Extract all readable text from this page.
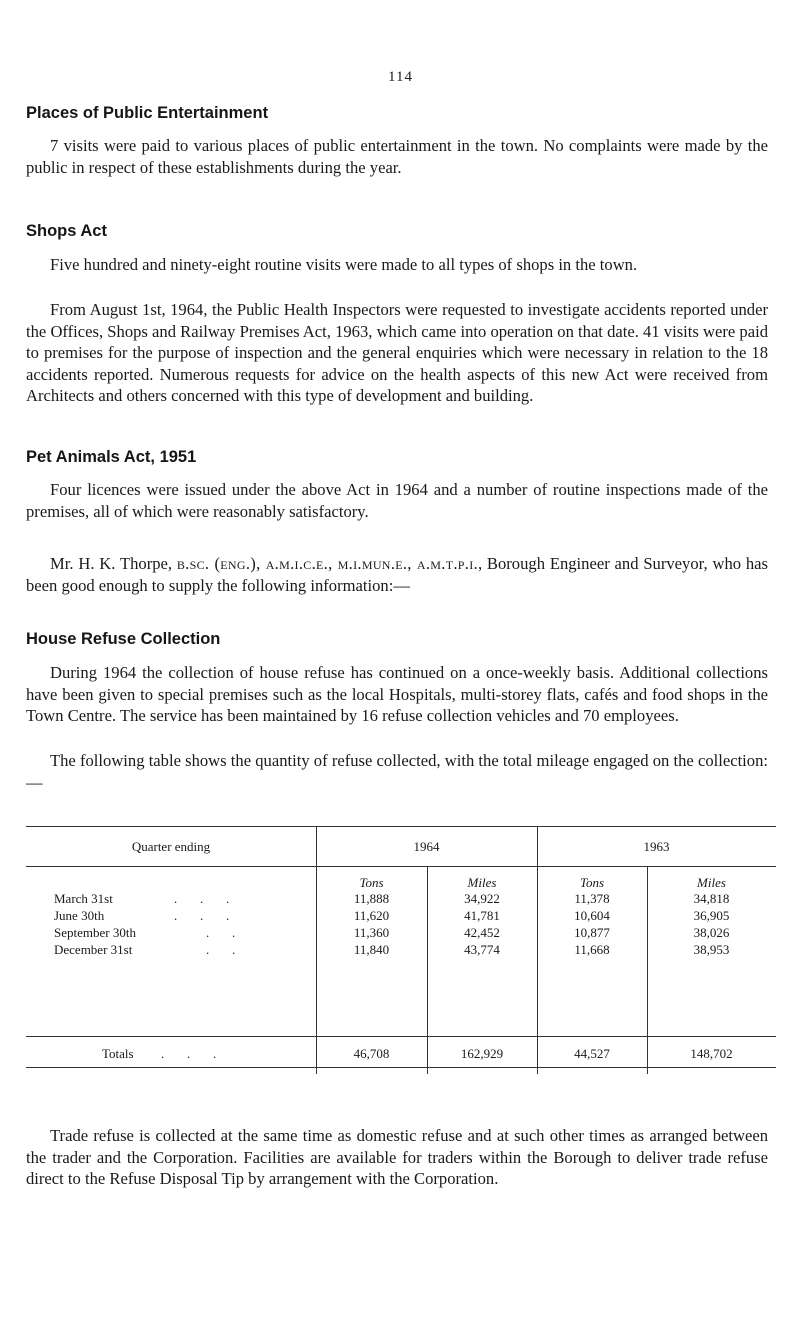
114
Places of Public Entertainment

7 visits were paid to various places of public entertainment in the town. No complaints were made by the public in respect of these establishments during the year.

Shops Act

Five hundred and ninety-eight routine visits were made to all types of shops in the town.

From August 1st, 1964, the Public Health Inspectors were requested to investigate accidents reported under the Offices, Shops and Railway Premises Act, 1963, which came into operation on that date. 41 visits were paid to premises for the purpose of inspection and the general enquiries which were necessary in relation to the 18 accidents reported. Numerous requests for advice on the health aspects of this new Act were received from Architects and others concerned with this type of development and building.

Pet Animals Act, 1951

Four licences were issued under the above Act in 1964 and a number of routine inspections made of the premises, all of which were reasonably satisfactory.

Mr. H. K. Thorpe, b.sc. (eng.), a.m.i.c.e., m.i.mun.e., a.m.t.p.i., Borough Engineer and Surveyor, who has been good enough to supply the following information:—

House Refuse Collection

During 1964 the collection of house refuse has continued on a once-weekly basis. Additional collections have been given to special premises such as the local Hospitals, multi-storey flats, cafés and food shops in the Town Centre. The service has been maintained by 16 refuse collection vehicles and 70 employees.

The following table shows the quantity of refuse collected, with the total mileage engaged on the collection:—

Quarter ending	1964	1963
Tons	Miles	Tons	Miles
March 31st	.       .       .	11,888	34,922	11,378	34,818
June 30th	.       .       .	11,620	41,781	10,604	36,905
September 30th	.       .	11,360	42,452	10,877	38,026
December 31st	.       .	11,840	43,774	11,668	38,953
Totals .       .       .	46,708	162,929	44,527	148,702

Trade refuse is collected at the same time as domestic refuse and at such other times as arranged between the trader and the Corporation. Facilities are available for traders within the Borough to deliver trade refuse direct to the Refuse Disposal Tip by arrangement with the Corporation.
